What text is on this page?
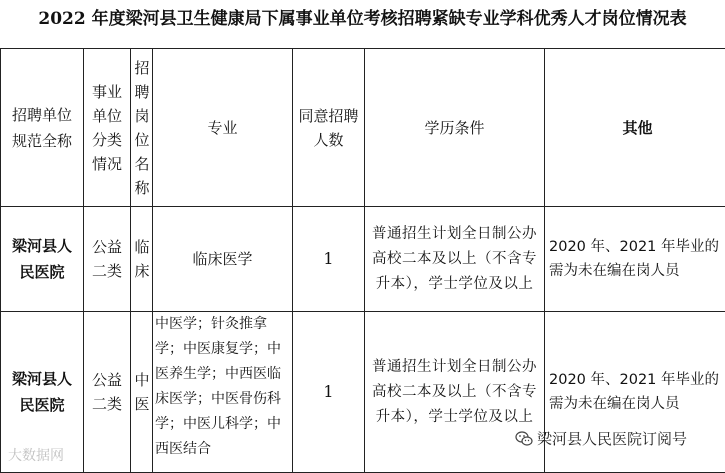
2022 年度梁河县卫生健康局下属事业单位考核招聘紧缺专业学科优秀人才岗位情况表
招聘单位规范全称	事业单位分类情况	招聘岗位名称	专业	同意招聘人数	学历条件	其他

梁河县人民医院	公益二类	临床	临床医学	1	普通招生计划全日制公办高校二本及以上（不含专升本），学士学位及以上	2020 年、2021 年毕业的需为未在编在岗人员

梁河县人民医院	公益二类	中医	中医学；针灸推拿学；中医康复学；中医养生学；中西医临床医学；中医骨伤科学；中医儿科学；中西医结合	1	普通招生计划全日制公办高校二本及以上（不含专升本），学士学位及以上	2020 年、2021 年毕业的需为未在编在岗人员
大数据网
梁河县人民医院订阅号
